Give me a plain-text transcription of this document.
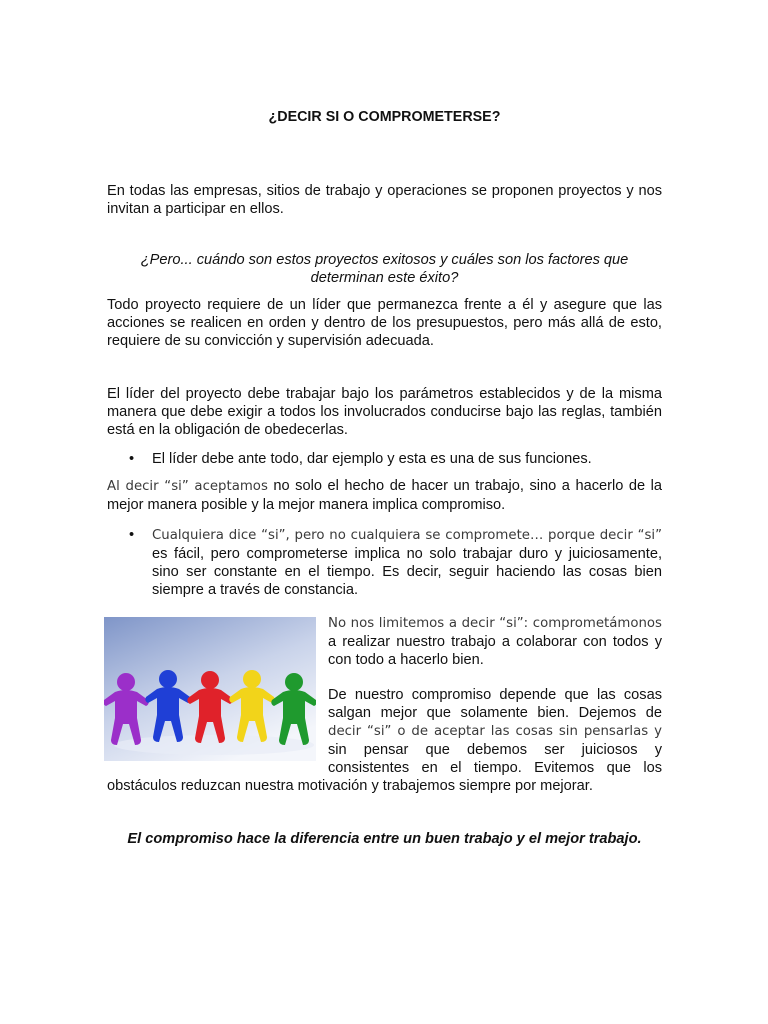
¿DECIR SI O COMPROMETERSE?

En todas las empresas, sitios de trabajo y operaciones se proponen proyectos y nos invitan a participar en ellos.

¿Pero... cuándo son estos proyectos exitosos y cuáles son los factores que determinan este éxito?

Todo proyecto requiere de un líder que permanezca frente a él y asegure que las acciones se realicen en orden y dentro de los presupuestos, pero más allá de esto, requiere de su convicción y supervisión adecuada.

El líder del proyecto debe trabajar bajo los parámetros establecidos y de la misma manera que debe exigir a todos los involucrados conducirse bajo las reglas, también está en la obligación de obedecerlas.

• El líder debe ante todo, dar ejemplo y esta es una de sus funciones.

Al decir “si” aceptamos no solo el hecho de hacer un trabajo, sino a hacerlo de la mejor manera posible y la mejor manera implica compromiso.

• Cualquiera dice “si”, pero no cualquiera se compromete… porque decir “si” es fácil, pero comprometerse implica no solo trabajar duro y juiciosamente, sino ser constante en el tiempo. Es decir, seguir haciendo las cosas bien siempre a través de constancia.

No nos limitemos a decir “si”: comprometámonos a realizar nuestro trabajo a colaborar con todos y con todo a hacerlo bien.

De nuestro compromiso depende que las cosas salgan mejor que solamente bien. Dejemos de decir “si” o de aceptar las cosas sin pensarlas y sin pensar que debemos ser juiciosos y consistentes en el tiempo. Evitemos que los obstáculos reduzcan nuestra motivación y trabajemos siempre por mejorar.

El compromiso hace la diferencia entre un buen trabajo y el mejor trabajo.
